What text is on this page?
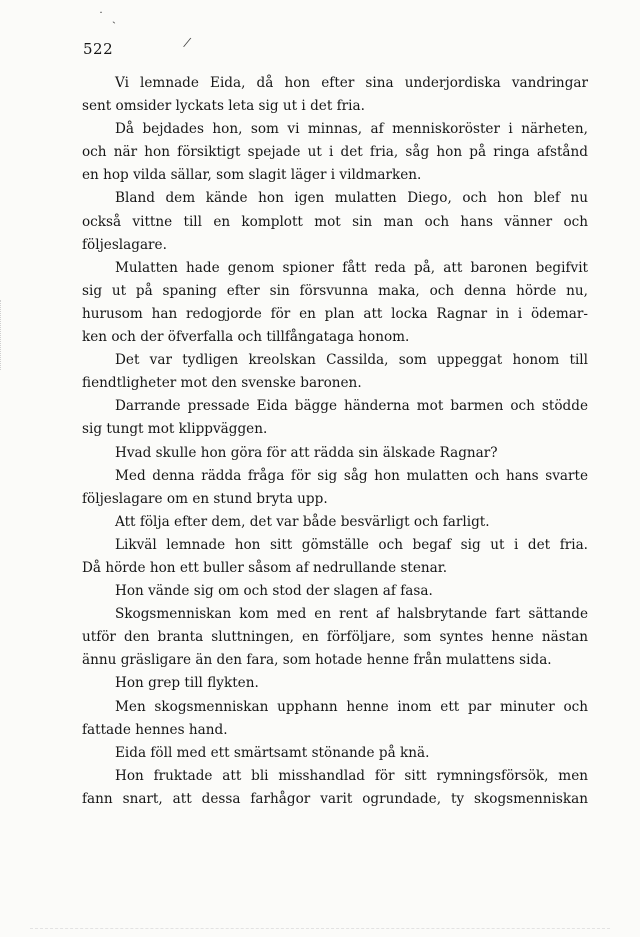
˙ˎ
522	⁄
Vi lemnade Eida, då hon efter sina underjordiska vandringar
sent omsider lyckats leta sig ut i det fria.
Då bejdades hon, som vi minnas, af menniskoröster i närheten,
och när hon försiktigt spejade ut i det fria, såg hon på ringa afstånd
en hop vilda sällar, som slagit läger i vildmarken.
Bland dem kände hon igen mulatten Diego, och hon blef nu
också vittne till en komplott mot sin man och hans vänner och
följeslagare.
Mulatten hade genom spioner fått reda på, att baronen begifvit
sig ut på spaning efter sin försvunna maka, och denna hörde nu,
hurusom han redogjorde för en plan att locka Ragnar in i ödemar-
ken och der öfverfalla och tillfångataga honom.
Det var tydligen kreolskan Cassilda, som uppeggat honom till
fiendtligheter mot den svenske baronen.
Darrande pressade Eida bägge händerna mot barmen och stödde
sig tungt mot klippväggen.
Hvad skulle hon göra för att rädda sin älskade Ragnar?
Med denna rädda fråga för sig såg hon mulatten och hans svarte
följeslagare om en stund bryta upp.
Att följa efter dem, det var både besvärligt och farligt.
Likväl lemnade hon sitt gömställe och begaf sig ut i det fria.
Då hörde hon ett buller såsom af nedrullande stenar.
Hon vände sig om och stod der slagen af fasa.
Skogsmenniskan kom med en rent af halsbrytande fart sättande
utför den branta sluttningen, en förföljare, som syntes henne nästan
ännu gräsligare än den fara, som hotade henne från mulattens sida.
Hon grep till flykten.
Men skogsmenniskan upphann henne inom ett par minuter och
fattade hennes hand.
Eida föll med ett smärtsamt stönande på knä.
Hon fruktade att bli misshandlad för sitt rymningsförsök, men
fann snart, att dessa farhågor varit ogrundade, ty skogsmenniskan
